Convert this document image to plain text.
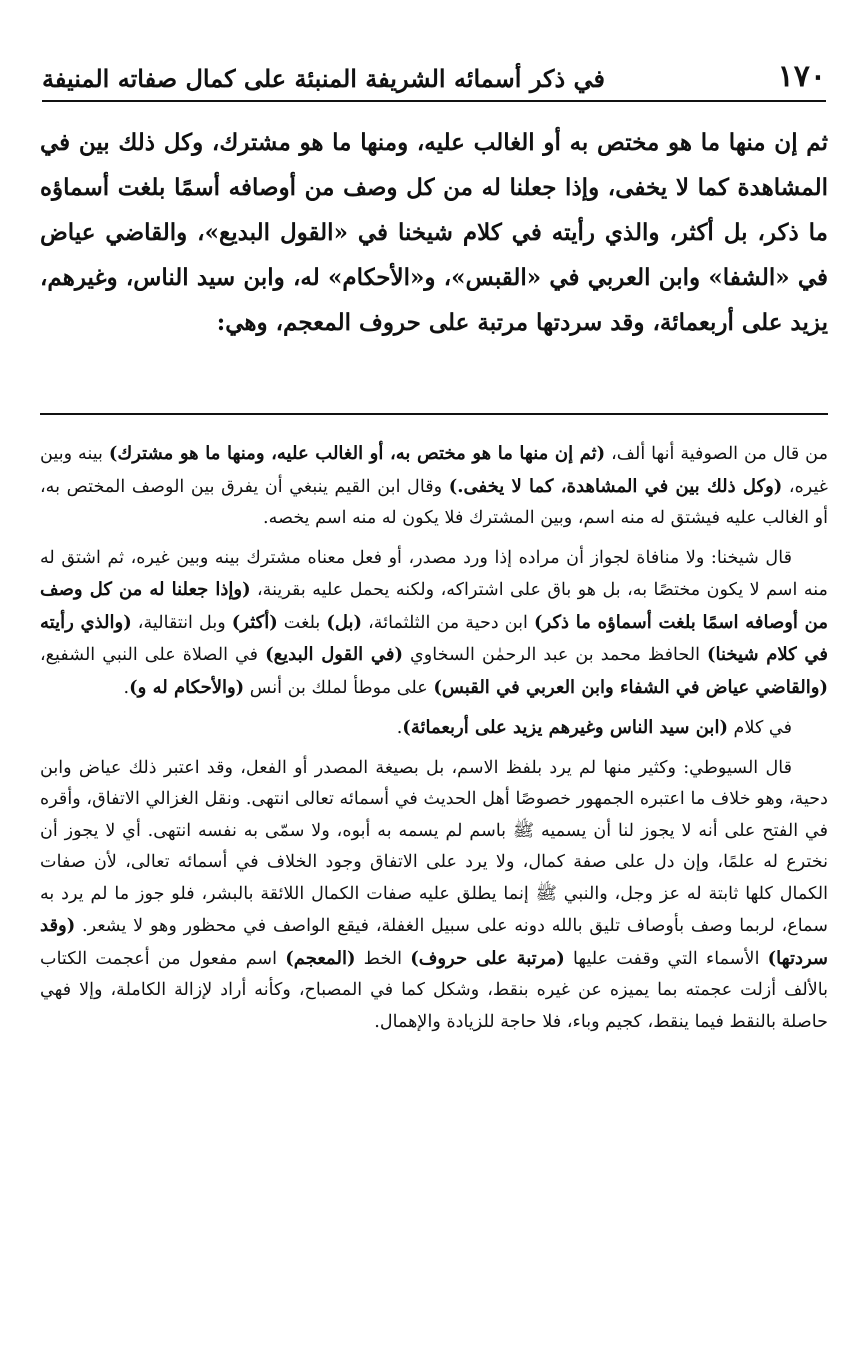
١٧٠
في ذكر أسمائه الشريفة المنبئة على كمال صفاته المنيفة

ثم إن منها ما هو مختص به أو الغالب عليه، ومنها ما هو مشترك، وكل ذلك بين في المشاهدة كما لا يخفى، وإذا جعلنا له من كل وصف من أوصافه أسمًا بلغت أسماؤه ما ذكر، بل أكثر، والذي رأيته في كلام شيخنا في «القول البديع»، والقاضي عياض في «الشفا» وابن العربي في «القبس»، و«الأحكام» له، وابن سيد الناس، وغيرهم، يزيد على أربعمائة، وقد سردتها مرتبة على حروف المعجم، وهي:

من قال من الصوفية أنها ألف، (ثم إن منها ما هو مختص به، أو الغالب عليه، ومنها ما هو مشترك) بينه وبين غيره، (وكل ذلك بين في المشاهدة، كما لا يخفى.) وقال ابن القيم ينبغي أن يفرق بين الوصف المختص به، أو الغالب عليه فيشتق له منه اسم، وبين المشترك فلا يكون له منه اسم يخصه.

قال شيخنا: ولا منافاة لجواز أن مراده إذا ورد مصدر، أو فعل معناه مشترك بينه وبين غيره، ثم اشتق له منه اسم لا يكون مختصًا به، بل هو باق على اشتراكه، ولكنه يحمل عليه بقرينة، (وإذا جعلنا له من كل وصف من أوصافه اسمًا بلغت أسماؤه ما ذكر) ابن دحية من الثلثمائة، (بل) بلغت (أكثر) وبل انتقالية، (والذي رأيته في كلام شيخنا) الحافظ محمد بن عبد الرحمٰن السخاوي (في القول البديع) في الصلاة على النبي الشفيع، (والقاضي عياض في الشفاء وابن العربي في القبس) على موطأ لملك بن أنس (والأحكام له و).

في كلام (ابن سيد الناس وغيرهم يزيد على أربعمائة).

قال السيوطي: وكثير منها لم يرد بلفظ الاسم، بل بصيغة المصدر أو الفعل، وقد اعتبر ذلك عياض وابن دحية، وهو خلاف ما اعتبره الجمهور خصوصًا أهل الحديث في أسمائه تعالى انتهى. ونقل الغزالي الاتفاق، وأقره في الفتح على أنه لا يجوز لنا أن يسميه ﷺ باسم لم يسمه به أبوه، ولا سمّى به نفسه انتهى. أي لا يجوز أن نخترع له علمًا، وإن دل على صفة كمال، ولا يرد على الاتفاق وجود الخلاف في أسمائه تعالى، لأن صفات الكمال كلها ثابتة له عز وجل، والنبي ﷺ إنما يطلق عليه صفات الكمال اللائقة بالبشر، فلو جوز ما لم يرد به سماع، لربما وصف بأوصاف تليق بالله دونه على سبيل الغفلة، فيقع الواصف في محظور وهو لا يشعر. (وقد سردتها) الأسماء التي وقفت عليها (مرتبة على حروف) الخط (المعجم) اسم مفعول من أعجمت الكتاب بالألف أزلت عجمته بما يميزه عن غيره بنقط، وشكل كما في المصباح، وكأنه أراد لإزالة الكاملة، وإلا فهي حاصلة بالنقط فيما ينقط، كجيم وباء، فلا حاجة للزيادة والإهمال.
